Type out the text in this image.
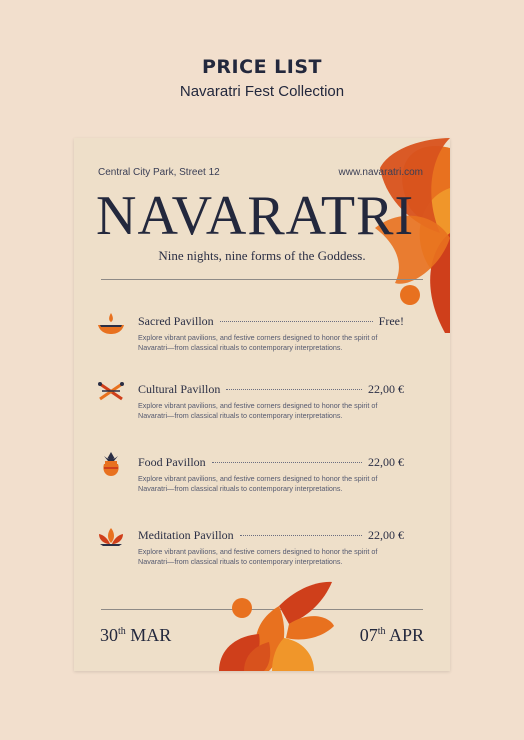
PRICE LIST
Navaratri Fest Collection
Central City Park, Street 12	www.navaratri.com
NAVARATRI
Nine nights, nine forms of the Goddess.
Sacred Pavillon	Free!
Explore vibrant pavilions, and festive corners designed to honor the spirit of Navaratri—from classical rituals to contemporary interpretations.
Cultural Pavillon	22,00 €
Explore vibrant pavilions, and festive corners designed to honor the spirit of Navaratri—from classical rituals to contemporary interpretations.
Food Pavillon	22,00 €
Explore vibrant pavilions, and festive corners designed to honor the spirit of Navaratri—from classical rituals to contemporary interpretations.
Meditation Pavillon	22,00 €
Explore vibrant pavilions, and festive corners designed to honor the spirit of Navaratri—from classical rituals to contemporary interpretations.
30th MAR	07th APR
